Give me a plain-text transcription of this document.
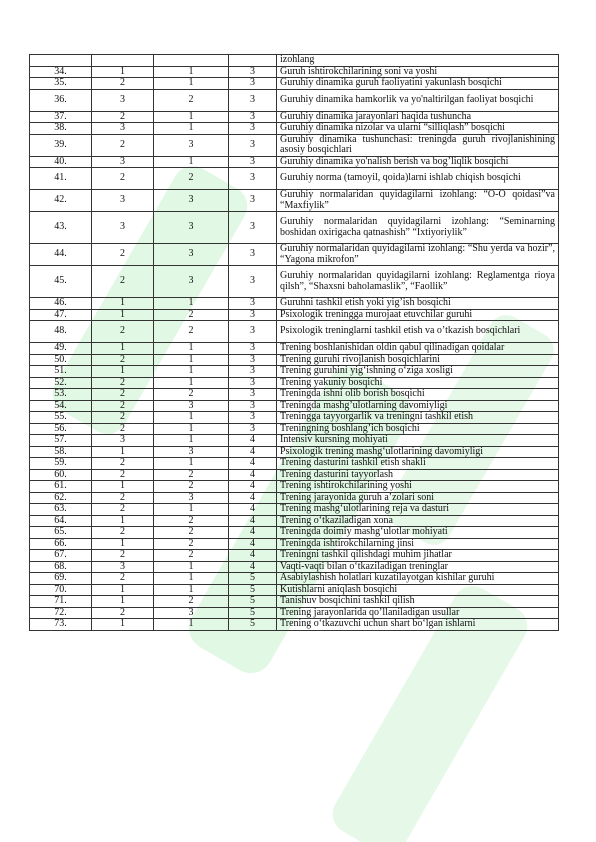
				izohlang
34.	1	1	3	Guruh ishtirokchilarining soni va yoshi
35.	2	1	3	Guruhiy dinamika guruh faoliyatini yakunlash bosqichi
36.	3	2	3	Guruhiy dinamika hamkorlik va yo'naltirilgan faoliyat bosqichi
37.	2	1	3	Guruhiy dinamika jarayonlari haqida tushuncha
38.	3	1	3	Guruhiy dinamika nizolar va ularni “silliqlash” bosqichi
39.	2	3	3	Guruhiy dinamika tushunchasi: treningda guruh rivojlanishining asosiy bosqichlari
40.	3	1	3	Guruhiy dinamika yo'nalish berish va bog’liqlik bosqichi
41.	2	2	3	Guruhiy norma (tamoyil, qoida)larni ishlab chiqish bosqichi
42.	3	3	3	Guruhiy normalaridan quyidagilarni izohlang: “O-O qoidasi”va “Maxfiylik”
43.	3	3	3	Guruhiy normalaridan quyidagilarni izohlang: “Seminarning boshidan oxirigacha qatnashish” “Ixtiyoriylik”
44.	2	3	3	Guruhiy normalaridan quyidagilarni izohlang: “Shu yerda va hozir”, “Yagona mikrofon”
45.	2	3	3	Guruhiy normalaridan quyidagilarni izohlang: Reglamentga rioya qilsh”, “Shaxsni baholamaslik”, “Faollik”
46.	1	1	3	Guruhni tashkil etish yoki yig’ish bosqichi
47.	1	2	3	Psixologik treningga murojaat etuvchilar guruhi
48.	2	2	3	Psixologik treninglarni tashkil etish va o’tkazish bosqichlari
49.	1	1	3	Trening boshlanishidan oldin qabul qilinadigan qoidalar
50.	2	1	3	Trening guruhi rivojlanish bosqichlarini
51.	1	1	3	Trening guruhini yig‘ishning o‘ziga xosligi
52.	2	1	3	Trening yakuniy bosqichi
53.	2	2	3	Treningda ishni olib borish bosqichi
54.	2	3	3	Treningda mashg’ulotlarning davomiyligi
55.	2	1	3	Treningga tayyorgarlik va treningni tashkil etish
56.	2	1	3	Treningning boshlang’ich bosqichi
57.	3	1	4	Intensiv kursning mohiyati
58.	1	3	4	Psixologik trening mashg‘ulotlarining davomiyligi
59.	2	1	4	Trening dasturini tashkil etish shakli
60.	2	2	4	Trening dasturini tayyorlash
61.	1	2	4	Trening ishtirokchilarining yoshi
62.	2	3	4	Trening jarayonida guruh a’zolari soni
63.	2	1	4	Trening mashg‘ulotlarining reja va dasturi
64.	1	2	4	Trening o‘tkaziladigan xona
65.	2	2	4	Treningda doimiy mashg‘ulotlar mohiyati
66.	1	2	4	Treningda ishtirokchilarning jinsi
67.	2	2	4	Treningni tashkil qilishdagi muhim jihatlar
68.	3	1	4	Vaqti-vaqti bilan o‘tkaziladigan treninglar
69.	2	1	5	Asabiylashish holatlari kuzatilayotgan kishilar guruhi
70.	1	1	5	Kutishlarni aniqlash bosqichi
71.	1	2	5	Tanishuv bosqichini tashkil qilish
72.	2	3	5	Trening jarayonlarida qo’llaniladigan usullar
73.	1	1	5	Trening o‘tkazuvchi uchun shart bo‘lgan ishlarni
